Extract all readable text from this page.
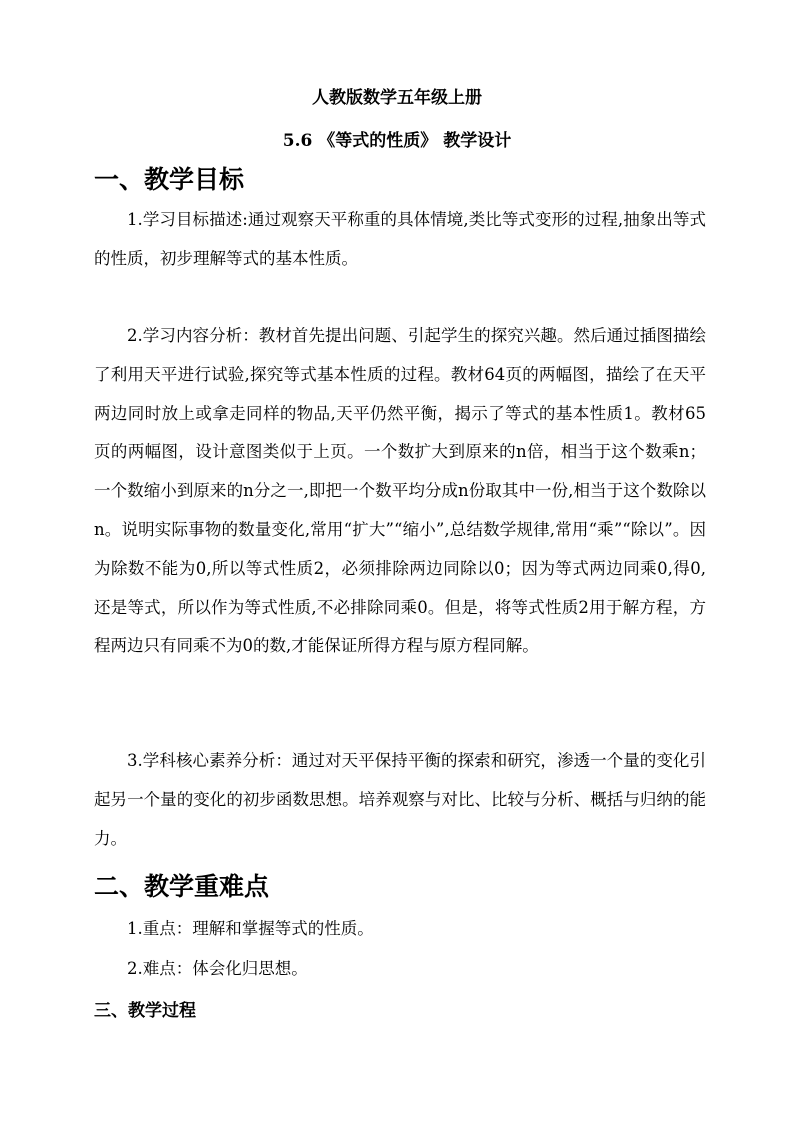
人教版数学五年级上册
5.6 《等式的性质》 教学设计
一、教学目标
1.学习目标描述:通过观察天平称重的具体情境,类比等式变形的过程,抽象出等式的性质，初步理解等式的基本性质。
2.学习内容分析：教材首先提出问题、引起学生的探究兴趣。然后通过插图描绘了利用天平进行试验,探究等式基本性质的过程。教材64页的两幅图，描绘了在天平两边同时放上或拿走同样的物品,天平仍然平衡，揭示了等式的基本性质1。教材65页的两幅图，设计意图类似于上页。一个数扩大到原来的n倍，相当于这个数乘n；一个数缩小到原来的n分之一,即把一个数平均分成n份取其中一份,相当于这个数除以n。说明实际事物的数量变化,常用“扩大”“缩小”,总结数学规律,常用“乘”“除以”。因为除数不能为0,所以等式性质2，必须排除两边同除以0；因为等式两边同乘0,得0,还是等式，所以作为等式性质,不必排除同乘0。但是，将等式性质2用于解方程，方程两边只有同乘不为0的数,才能保证所得方程与原方程同解。
3.学科核心素养分析：通过对天平保持平衡的探索和研究，渗透一个量的变化引起另一个量的变化的初步函数思想。培养观察与对比、比较与分析、概括与归纳的能力。
二、教学重难点
1.重点：理解和掌握等式的性质。
2.难点：体会化归思想。
三、教学过程
